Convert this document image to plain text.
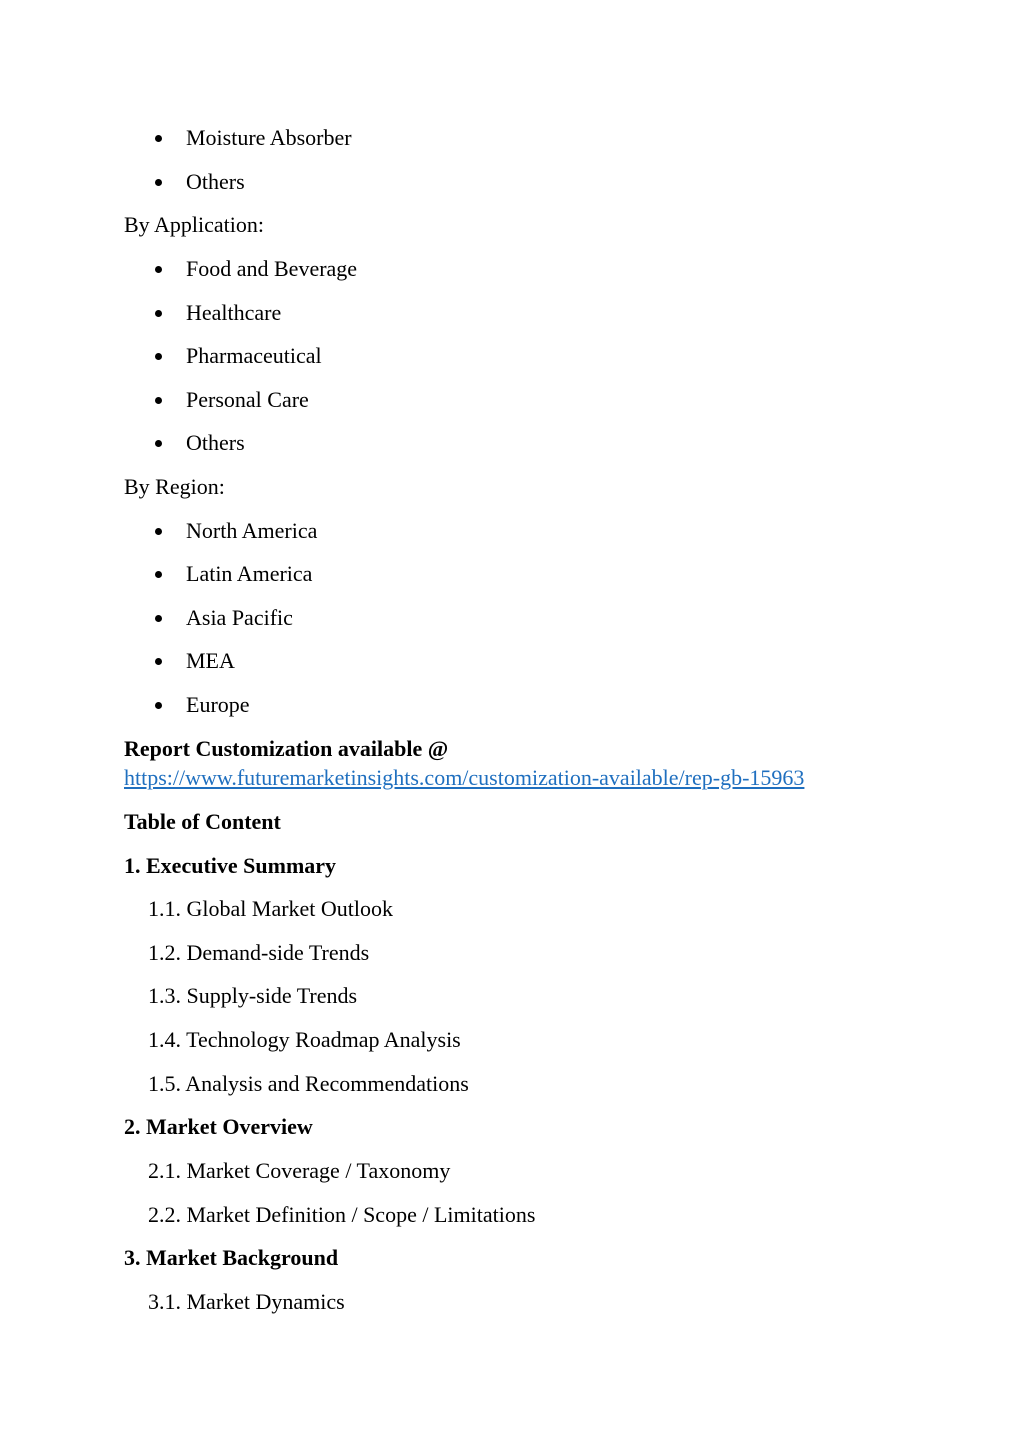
Moisture Absorber
Others
By Application:
Food and Beverage
Healthcare
Pharmaceutical
Personal Care
Others
By Region:
North America
Latin America
Asia Pacific
MEA
Europe
Report Customization available @
https://www.futuremarketinsights.com/customization-available/rep-gb-15963
Table of Content
1. Executive Summary
1.1. Global Market Outlook
1.2. Demand-side Trends
1.3. Supply-side Trends
1.4. Technology Roadmap Analysis
1.5. Analysis and Recommendations
2. Market Overview
2.1. Market Coverage / Taxonomy
2.2. Market Definition / Scope / Limitations
3. Market Background
3.1. Market Dynamics
